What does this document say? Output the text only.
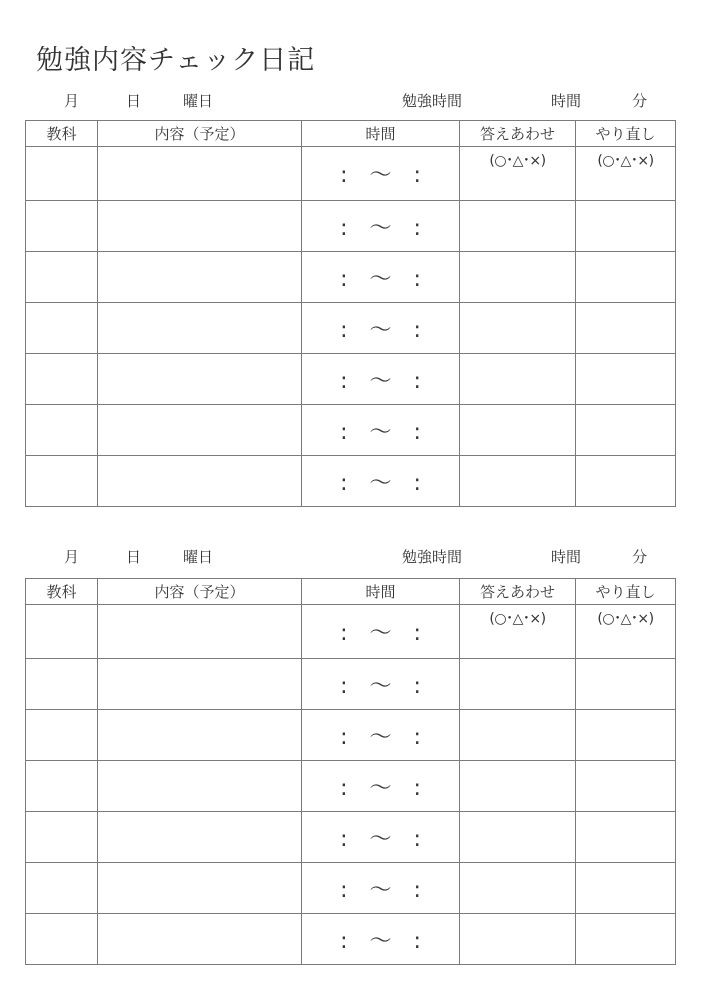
勉強内容チェック日記
月	日	曜日	勉強時間	時間	分
教科	内容（予定）	時間	答えあわせ	やり直し
		:　～　:	(○･△･×)	(○･△･×)
		:　～　:		
		:　～　:		
		:　～　:		
		:　～　:		
		:　～　:		
		:　～　:		
月	日	曜日	勉強時間	時間	分
教科	内容（予定）	時間	答えあわせ	やり直し
		:　～　:	(○･△･×)	(○･△･×)
		:　～　:		
		:　～　:		
		:　～　:		
		:　～　:		
		:　～　:		
		:　～　:		
